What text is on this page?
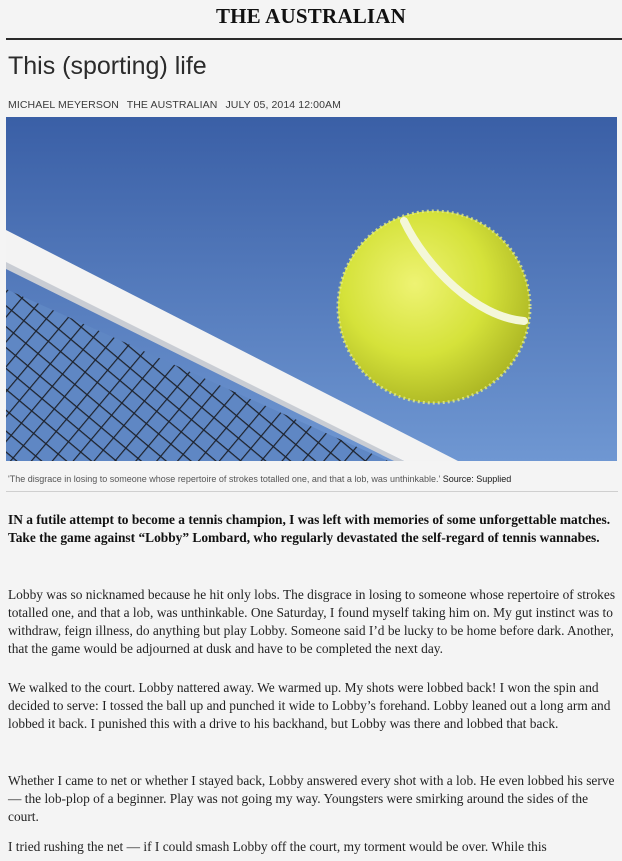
THE AUSTRALIAN
This (sporting) life
MICHAEL MEYERSON THE AUSTRALIAN JULY 05, 2014 12:00AM
'The disgrace in losing to someone whose repertoire of strokes totalled one, and that a lob, was unthinkable.' Source: Supplied

IN a futile attempt to become a tennis champion, I was left with memories of some unforgettable matches. Take the game against “Lobby” Lombard, who regularly devastated the self-regard of tennis wannabes.

Lobby was so nicknamed because he hit only lobs. The disgrace in losing to someone whose repertoire of strokes totalled one, and that a lob, was unthinkable. One Saturday, I found myself taking him on. My gut instinct was to withdraw, feign illness, do anything but play Lobby. Someone said I’d be lucky to be home before dark. Another, that the game would be adjourned at dusk and have to be completed the next day.

We walked to the court. Lobby nattered away. We warmed up. My shots were lobbed back! I won the spin and decided to serve: I tossed the ball up and punched it wide to Lobby’s forehand. Lobby leaned out a long arm and lobbed it back. I punished this with a drive to his backhand, but Lobby was there and lobbed that back.

Whether I came to net or whether I stayed back, Lobby answered every shot with a lob. He even lobbed his serve — the lob-plop of a beginner. Play was not going my way. Youngsters were smirking around the sides of the court.

I tried rushing the net — if I could smash Lobby off the court, my torment would be over. While this
